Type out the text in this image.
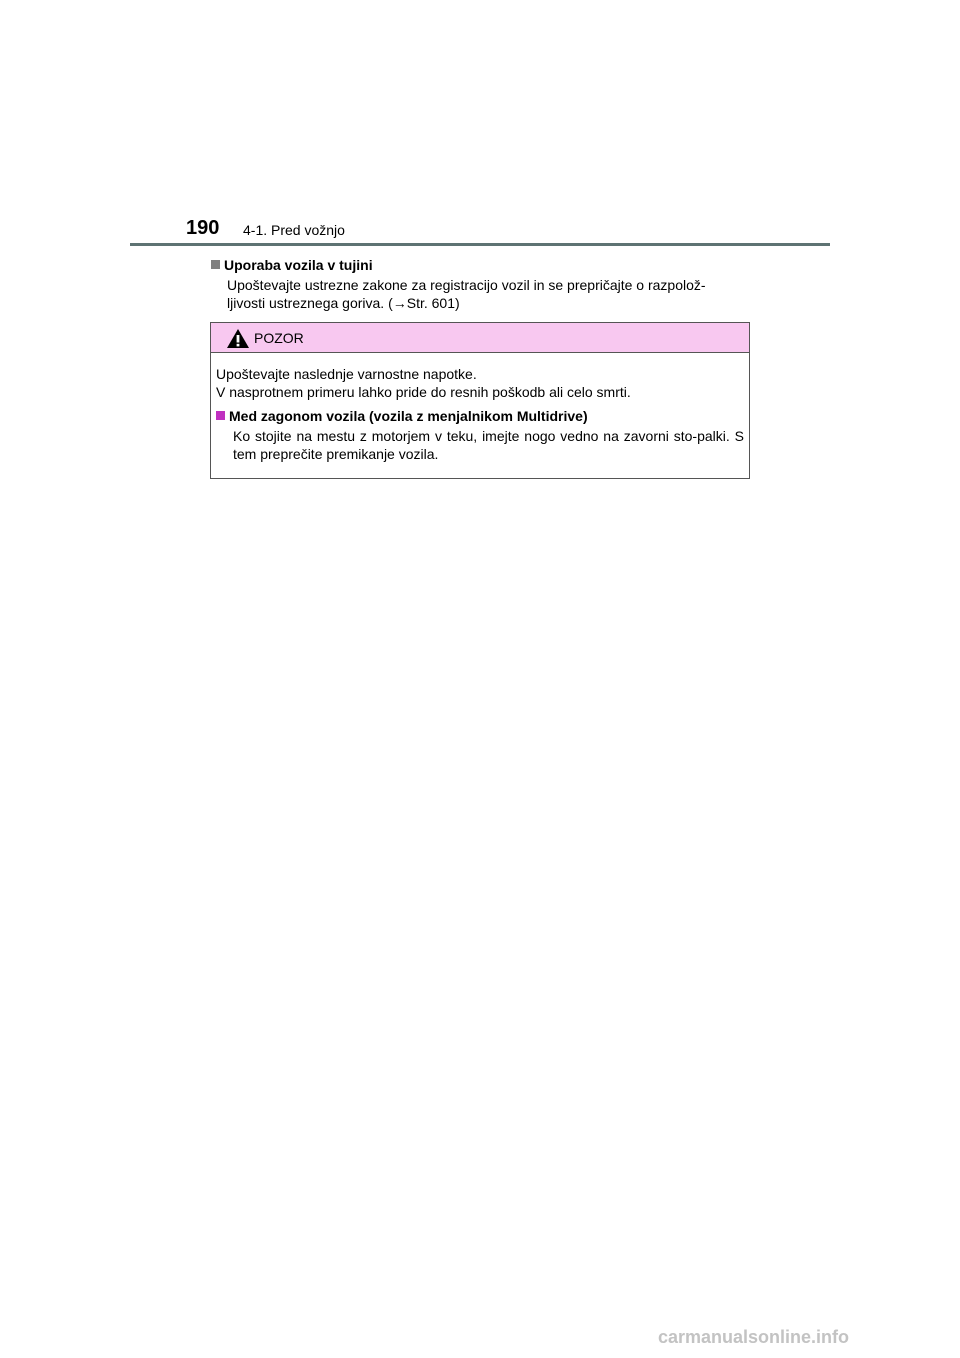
190 4-1. Pred vožnjo
Uporaba vozila v tujini
Upoštevajte ustrezne zakone za registracijo vozil in se prepričajte o razpolož-
ljivosti ustreznega goriva. (→Str. 601)
POZOR
Upoštevajte naslednje varnostne napotke.
V nasprotnem primeru lahko pride do resnih poškodb ali celo smrti.
Med zagonom vozila (vozila z menjalnikom Multidrive)
Ko stojite na mestu z motorjem v teku, imejte nogo vedno na zavorni sto-palki. S tem preprečite premikanje vozila.
carmanualsonline.info
